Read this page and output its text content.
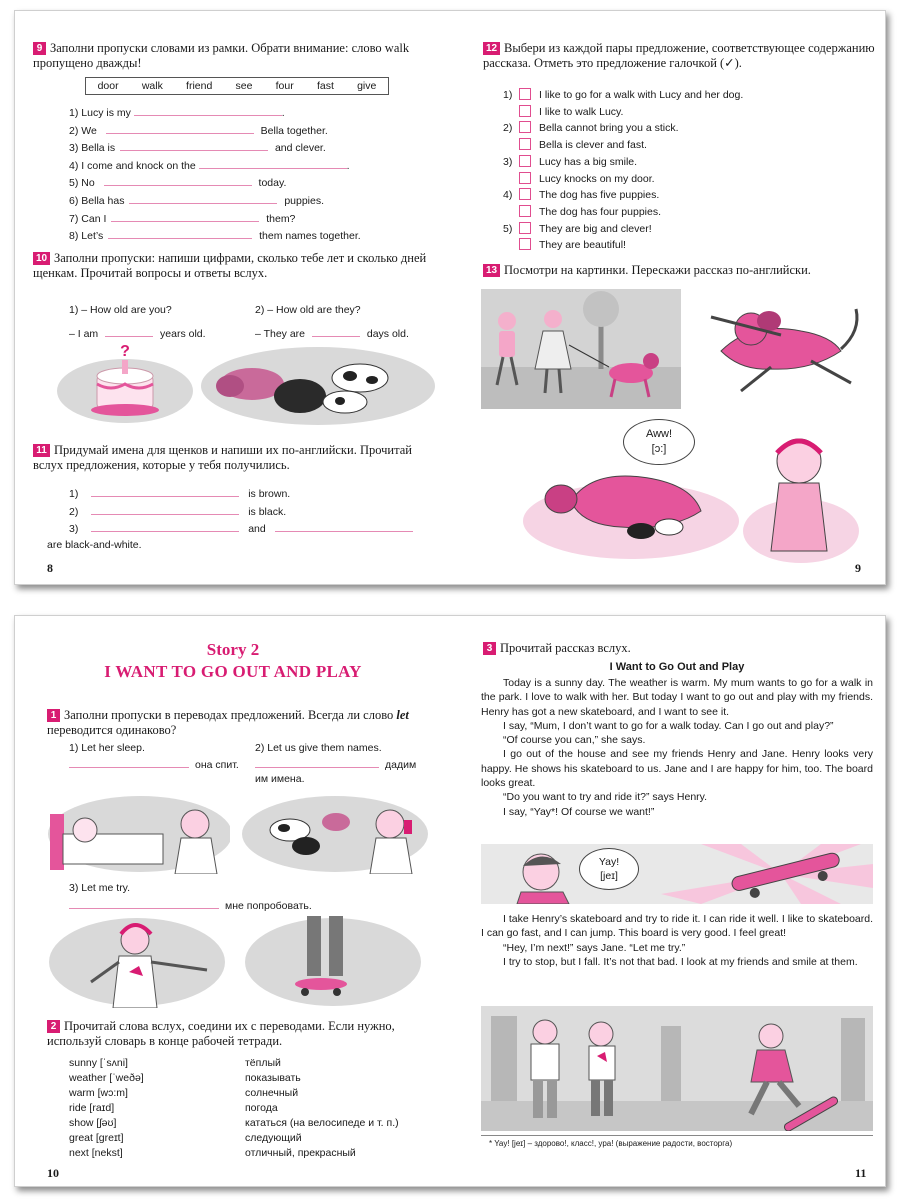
9 Заполни пропуски словами из рамки. Обрати внимание: слово walk пропущено дважды!
door walk friend see four fast give
1) Lucy is my	.
2) We	Bella together.
3) Bella is	and clever.
4) I come and knock on the	.
5) No	today.
6) Bella has	puppies.
7) Can I	them?
8) Let’s	them names together.
10 Заполни пропуски: напиши цифрами, сколько тебе лет и сколько дней щенкам. Прочитай вопросы и ответы вслух.
1) – How old are you?
– I am	years old.
2) – How old are they?
– They are	days old.
?
11 Придумай имена для щенков и напиши их по-английски. Прочитай вслух предложения, которые у тебя получились.
1)	is brown.
2)	is black.
3)	and
are black-and-white.
8
12 Выбери из каждой пары предложение, соответствующее содержанию рассказа. Отметь это предложение галочкой (✓).
1)	I like to go for a walk with Lucy and her dog.
I like to walk Lucy.
2)	Bella cannot bring you a stick.
Bella is clever and fast.
3)	Lucy has a big smile.
Lucy knocks on my door.
4)	The dog has five puppies.
The dog has four puppies.
5)	They are big and clever!
They are beautiful!
13 Посмотри на картинки. Перескажи рассказ по-английски.
Aww!
[ɔ:]
9
Story 2
I WANT TO GO OUT AND PLAY
1 Заполни пропуски в переводах предложений. Всегда ли слово let переводится одинаково?
1) Let her sleep.
она спит.
2) Let us give them names.
дадим
им имена.
3) Let me try.
мне попробовать.
2 Прочитай слова вслух, соедини их с переводами. Если нужно, используй словарь в конце рабочей тетради.
sunny [ˈsʌni]	тёплый
weather [ˈweðə]	показывать
warm [wɔ:m]	солнечный
ride [raɪd]	погода
show [ʃəʊ]	кататься (на велосипеде и т. п.)
great [greɪt]	следующий
next [nekst]	отличный, прекрасный
10
3 Прочитай рассказ вслух.
I Want to Go Out and Play

Today is a sunny day. The weather is warm. My mum wants to go for a walk in the park. I love to walk with her. But today I want to go out and play with my friends. Henry has got a new skateboard, and I want to see it.

I say, “Mum, I don’t want to go for a walk today. Can I go out and play?”

“Of course you can,” she says.

I go out of the house and see my friends Henry and Jane. Henry looks very happy. He shows his skateboard to us. Jane and I are happy for him, too. The board looks great.

“Do you want to try and ride it?” says Henry.

I say, “Yay*! Of course we want!”

Yay!
[jeɪ]

I take Henry’s skateboard and try to ride it. I can ride it well. I like to skateboard. I can go fast, and I can jump. This board is very good. I feel great!

“Hey, I’m next!” says Jane. “Let me try.”

I try to stop, but I fall. It’s not that bad. I look at my friends and smile at them.

* Yay! [jeɪ] – здорово!, класс!, ура! (выражение радости, восторга)
11
